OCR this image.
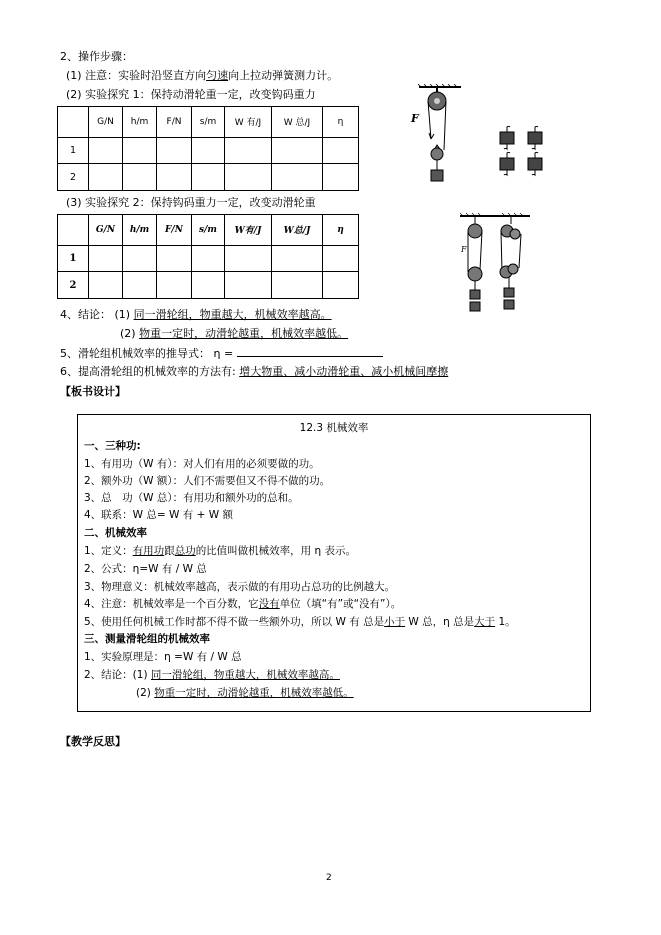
2、操作步骤：
(1) 注意：实验时沿竖直方向匀速向上拉动弹簧测力计。
(2) 实验探究 1：保持动滑轮重一定，改变钩码重力
	G/N	h/m	F/N	s/m	W 有/J	W 总/J	η
1							
2							
(3) 实验探究 2：保持钩码重力一定，改变动滑轮重
	G/N	h/m	F/N	s/m	W有/J	W总/J	η
1							
2							
4、结论： (1) 同一滑轮组，物重越大，机械效率越高。
(2) 物重一定时，动滑轮越重，机械效率越低。
5、滑轮组机械效率的推导式： η =
6、提高滑轮组的机械效率的方法有: 增大物重、减小动滑轮重、减小机械间摩擦
【板书设计】
12.3 机械效率
一、三种功:
1、有用功（W 有）：对人们有用的必须要做的功。
2、额外功（W 额）：人们不需要但又不得不做的功。
3、总　功（W 总）：有用功和额外功的总和。
4、联系：W 总= W 有 + W 额
二、机械效率
1、定义：有用功跟总功的比值叫做机械效率，用 η 表示。
2、公式：η=W 有 / W 总
3、物理意义：机械效率越高，表示做的有用功占总功的比例越大。
4、注意：机械效率是一个百分数，它没有单位（填“有”或“没有”）。
5、使用任何机械工作时都不得不做一些额外功，所以 W 有 总是小于 W 总，η 总是大于 1。
三、测量滑轮组的机械效率
1、实验原理是：η =W 有 / W 总
2、结论：(1) 同一滑轮组，物重越大，机械效率越高。
(2) 物重一定时，动滑轮越重，机械效率越低。
【教学反思】
2
F
F
